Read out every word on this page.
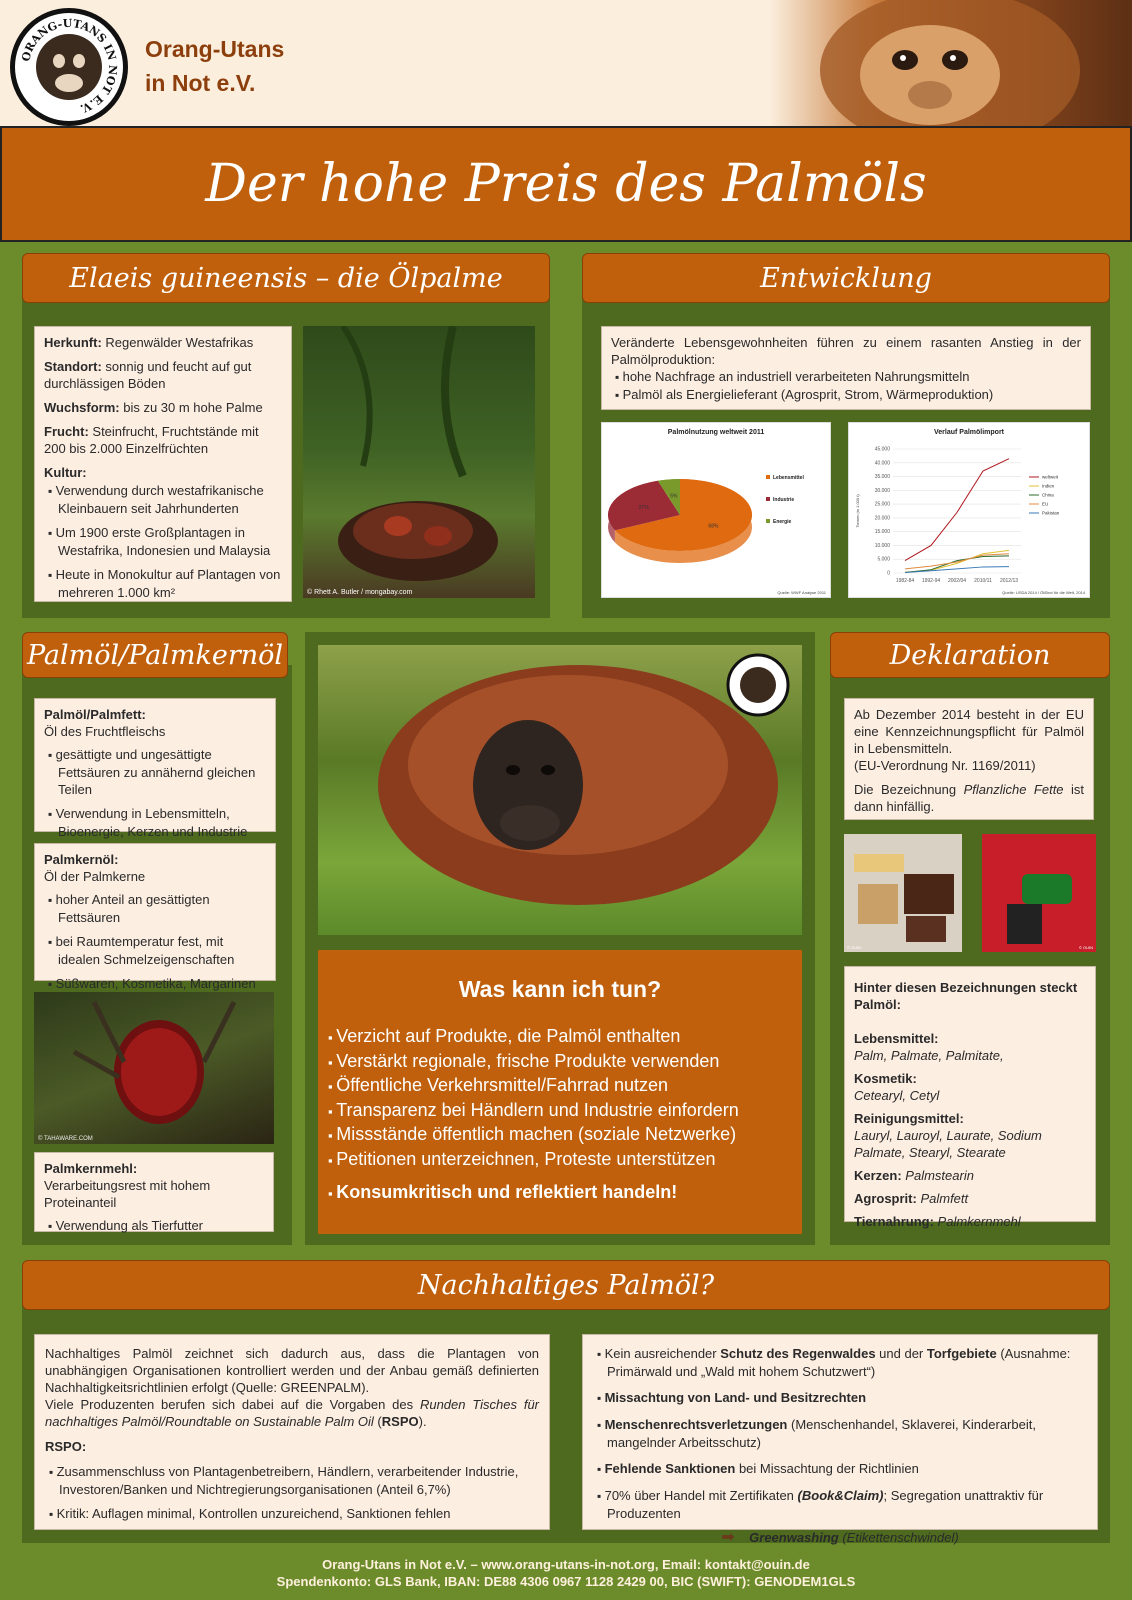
ORANG-UTANS IN NOT E.V.
Orang-Utans
in Not e.V.
Der hohe Preis des Palmöls
Elaeis guineensis – die Ölpalme

Herkunft: Regenwälder Westafrikas

Standort: sonnig und feucht auf gut durchlässigen Böden

Wuchsform: bis zu 30 m hohe Palme

Frucht: Steinfrucht, Fruchtstände mit 200 bis 2.000 Einzelfrüchten

Kultur:

▪ Verwendung durch westafrikanische Kleinbauern seit Jahrhunderten
▪ Um 1900 erste Großplantagen in Westafrika, Indonesien und Malaysia
▪ Heute in Monokultur auf Plantagen von mehreren 1.000 km²	© Rhett A. Butler / mongabay.com
Entwicklung
Veränderte Lebensgewohnheiten führen zu einem rasanten Anstieg in der Palmölproduktion:
▪ hohe Nachfrage an industriell verarbeiteten Nahrungsmitteln
▪ Palmöl als Energielieferant (Agrosprit, Strom, Wärmeproduktion)
Palmölnutzung weltweit 2011
68%
27%
5%
Lebensmittel
Industrie
Energie
Quelle: WWF Analyse 2011
Verlauf Palmölimport
0
5.000
10.000
15.000
20.000
25.000
30.000
35.000
40.000
45.000
1982-84 1992-94 2002/04 2010/11 2012/13
Tonnen (in 1.000 t)
weltweit
Indien
China
EU
Pakistan
Quelle: USDA 2014 / Öl/Brot für die Welt, 2014
Palmöl/Palmkernöl
Palmöl/Palmfett:
Öl des Fruchtfleischs
▪ gesättigte und ungesättigte Fettsäuren zu annähernd gleichen Teilen
▪ Verwendung in Lebensmitteln, Bioenergie, Kerzen und Industrie
Palmkernöl:
Öl der Palmkerne
▪ hoher Anteil an gesättigten Fettsäuren
▪ bei Raumtemperatur fest, mit idealen Schmelzeigenschaften
▪ Süßwaren, Kosmetika, Margarinen
© TAHAWARE.COM
Palmkernmehl:
Verarbeitungsrest mit hohem Proteinanteil
▪ Verwendung als Tierfutter
Was kann ich tun?
▪ Verzicht auf Produkte, die Palmöl enthalten
▪ Verstärkt regionale, frische Produkte verwenden
▪ Öffentliche Verkehrsmittel/Fahrrad nutzen
▪ Transparenz bei Händlern und Industrie einfordern
▪ Missstände öffentlich machen (soziale Netzwerke)
▪ Petitionen unterzeichnen, Proteste unterstützen
▪ Konsumkritisch und reflektiert handeln!
Deklaration
Ab Dezember 2014 besteht in der EU eine Kennzeichnungspflicht für Palmöl in Lebensmitteln.
(EU-Verordnung Nr. 1169/2011)
Die Bezeichnung Pflanzliche Fette ist dann hinfällig.
© OUIN	© OUIN
Hinter diesen Bezeichnungen steckt Palmöl:
Lebensmittel:
Palm, Palmate, Palmitate,
Kosmetik:
Cetearyl, Cetyl
Reinigungsmittel:
Lauryl, Lauroyl, Laurate, Sodium Palmate, Stearyl, Stearate
Kerzen: Palmstearin
Agrosprit: Palmfett
Tiernahrung: Palmkernmehl
Nachhaltiges Palmöl?
Nachhaltiges Palmöl zeichnet sich dadurch aus, dass die Plantagen von unabhängigen Organisationen kontrolliert werden und der Anbau gemäß definierten Nachhaltigkeitsrichtlinien erfolgt (Quelle: GREENPALM).
Viele Produzenten berufen sich dabei auf die Vorgaben des Runden Tisches für nachhaltiges Palmöl/Roundtable on Sustainable Palm Oil (RSPO).
RSPO:
▪ Zusammenschluss von Plantagenbetreibern, Händlern, verarbeitender Industrie, Investoren/Banken und Nichtregierungsorganisationen (Anteil 6,7%)
▪ Kritik: Auflagen minimal, Kontrollen unzureichend, Sanktionen fehlen
▪ Kein ausreichender Schutz des Regenwaldes und der Torfgebiete (Ausnahme: Primärwald und „Wald mit hohem Schutzwert“)
▪ Missachtung von Land- und Besitzrechten
▪ Menschenrechtsverletzungen (Menschenhandel, Sklaverei, Kinderarbeit, mangelnder Arbeitsschutz)
▪ Fehlende Sanktionen bei Missachtung der Richtlinien
▪ 70% über Handel mit Zertifikaten (Book&Claim); Segregation unattraktiv für Produzenten
➡ Greenwashing (Etikettenschwindel)
Orang-Utans in Not e.V. – www.orang-utans-in-not.org, Email: kontakt@ouin.de
Spendenkonto: GLS Bank, IBAN: DE88 4306 0967 1128 2429 00, BIC (SWIFT): GENODEM1GLS
